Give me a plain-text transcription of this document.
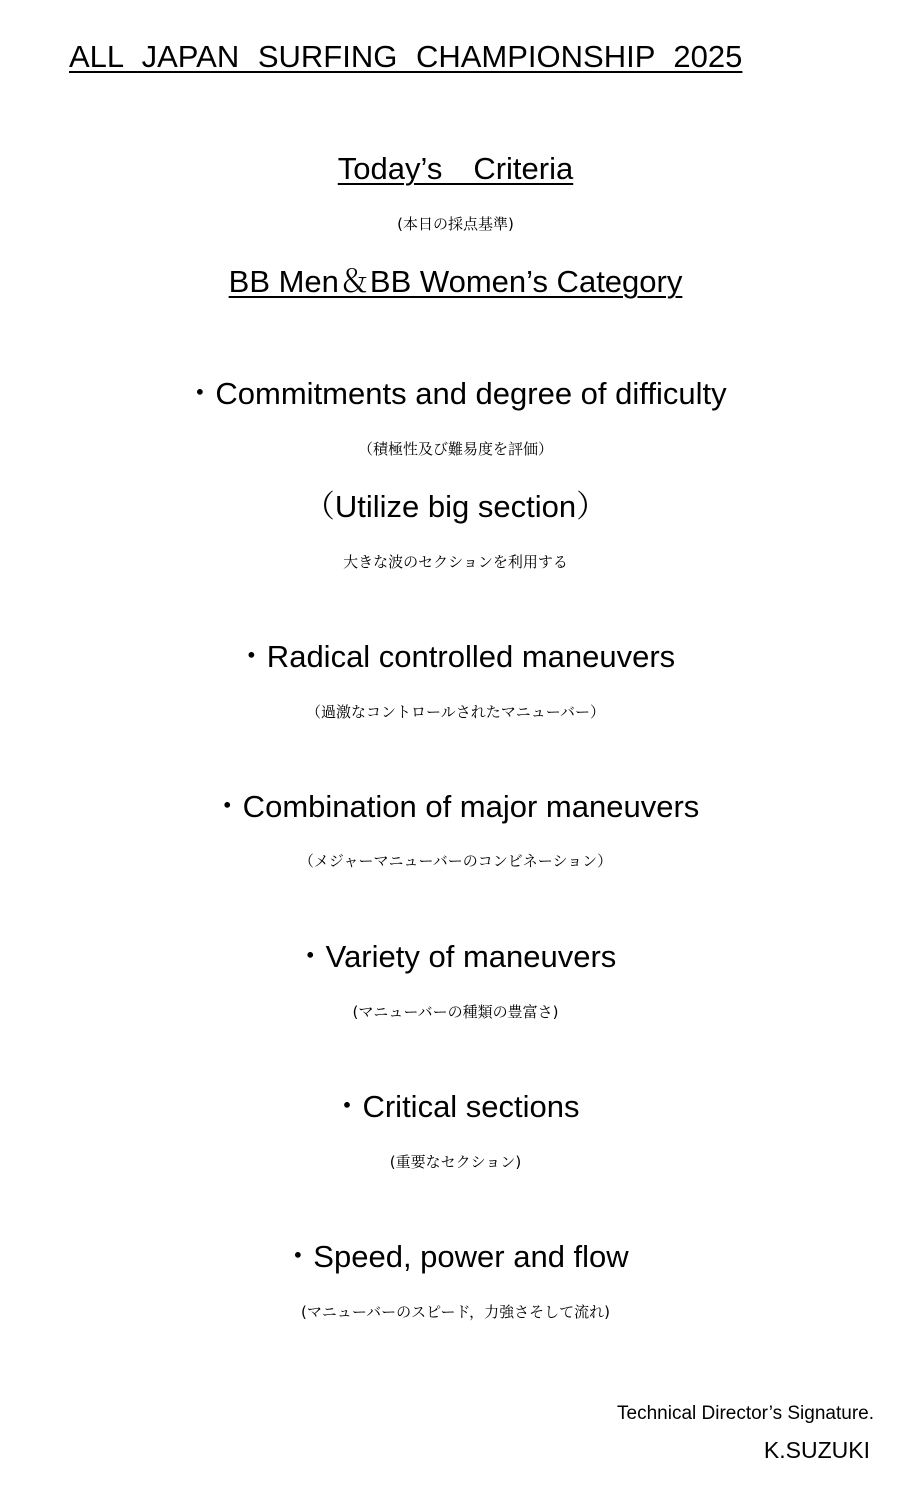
ALL JAPAN SURFING CHAMPIONSHIP 2025
Today’s　Criteria
(本日の採点基準)
BB Men＆BB Women’s Category
・Commitments and degree of difficulty
（積極性及び難易度を評価）
（Utilize big section）
大きな波のセクションを利用する
・Radical controlled maneuvers
（過激なコントロールされたマニューバー）
・Combination of major maneuvers
（メジャーマニューバーのコンビネーション）
・Variety of maneuvers
(マニューバーの種類の豊富さ)
・Critical sections
(重要なセクション)
・Speed, power and flow
(マニューバーのスピード，力強さそして流れ)
Technical Director’s Signature.
K.SUZUKI
